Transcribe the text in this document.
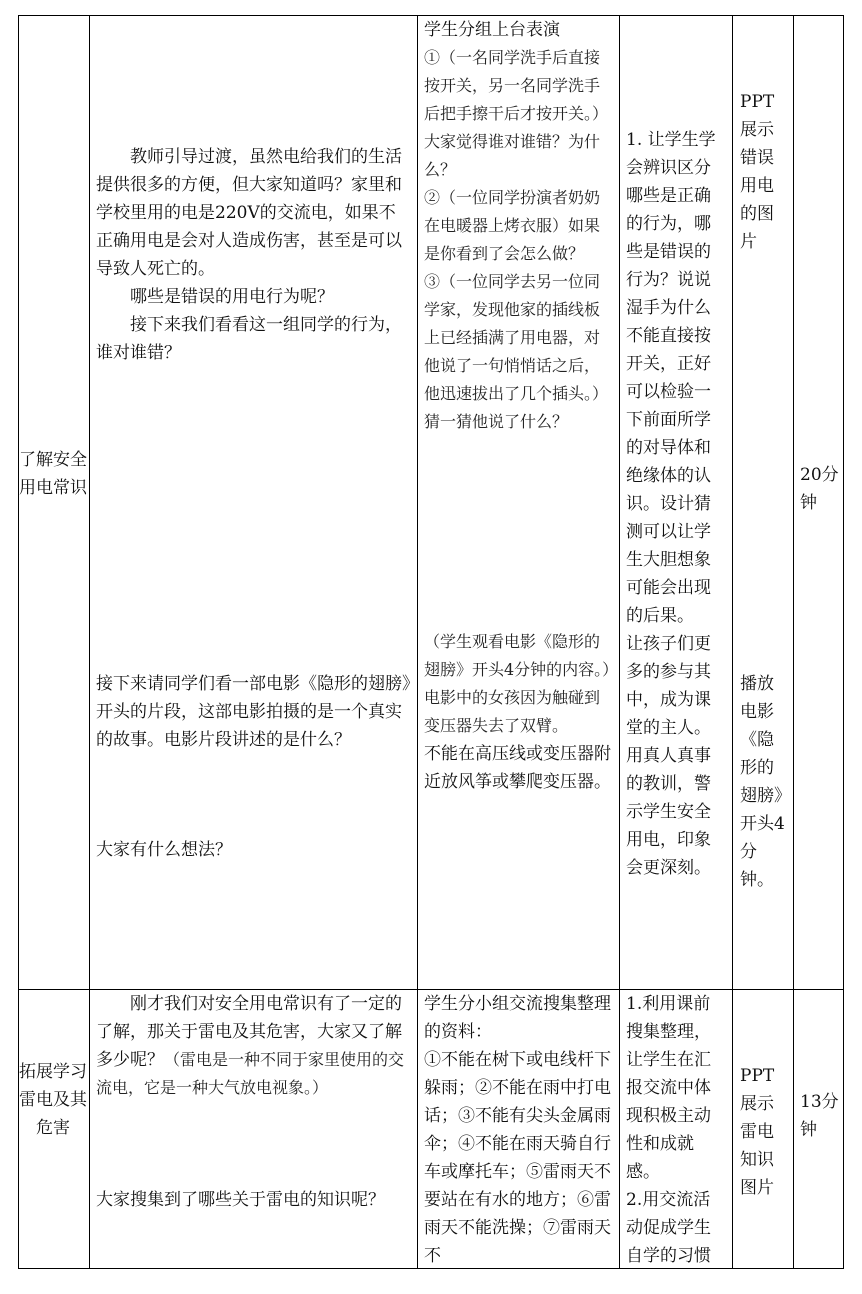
了解安全用电常识

教师引导过渡，虽然电给我们的生活提供很多的方便，但大家知道吗？家里和学校里用的电是220V的交流电，如果不正确用电是会对人造成伤害，甚至是可以导致人死亡的。

哪些是错误的用电行为呢？

接下来我们看看这一组同学的行为，谁对谁错？

接下来请同学们看一部电影《隐形的翅膀》开头的片段，这部电影拍摄的是一个真实的故事。电影片段讲述的是什么？
大家有什么想法？

学生分组上台表演

①（一名同学洗手后直接按开关，另一名同学洗手后把手擦干后才按开关。）大家觉得谁对谁错？为什么？

②（一位同学扮演者奶奶在电暖器上烤衣服）如果是你看到了会怎么做？

③（一位同学去另一位同学家，发现他家的插线板上已经插满了用电器，对他说了一句悄悄话之后，他迅速拔出了几个插头。）猜一猜他说了什么？

（学生观看电影《隐形的翅膀》开头4分钟的内容。）电影中的女孩因为触碰到变压器失去了双臂。

不能在高压线或变压器附近放风筝或攀爬变压器。

1. 让学生学会辨识区分哪些是正确的行为，哪些是错误的行为？说说湿手为什么不能直接按开关，正好可以检验一下前面所学的对导体和绝缘体的认识。设计猜测可以让学生大胆想象可能会出现的后果。

让孩子们更多的参与其中，成为课堂的主人。用真人真事的教训，警示学生安全用电，印象会更深刻。

PPT展示错误用电的图片
播放电影《隐形的翅膀》开头4分钟。
20分钟
拓展学习雷电及其危害

刚才我们对安全用电常识有了一定的了解，那关于雷电及其危害，大家又了解多少呢？（雷电是一种不同于家里使用的交流电，它是一种大气放电视象。）

大家搜集到了哪些关于雷电的知识呢？

学生分小组交流搜集整理的资料：

①不能在树下或电线杆下躲雨；②不能在雨中打电话；③不能有尖头金属雨伞；④不能在雨天骑自行车或摩托车；⑤雷雨天不要站在有水的地方；⑥雷雨天不能洗操；⑦雷雨天不

1.利用课前搜集整理，让学生在汇报交流中体现积极主动性和成就感。

2.用交流活动促成学生自学的习惯

PPT展示雷电知识图片
13分钟
